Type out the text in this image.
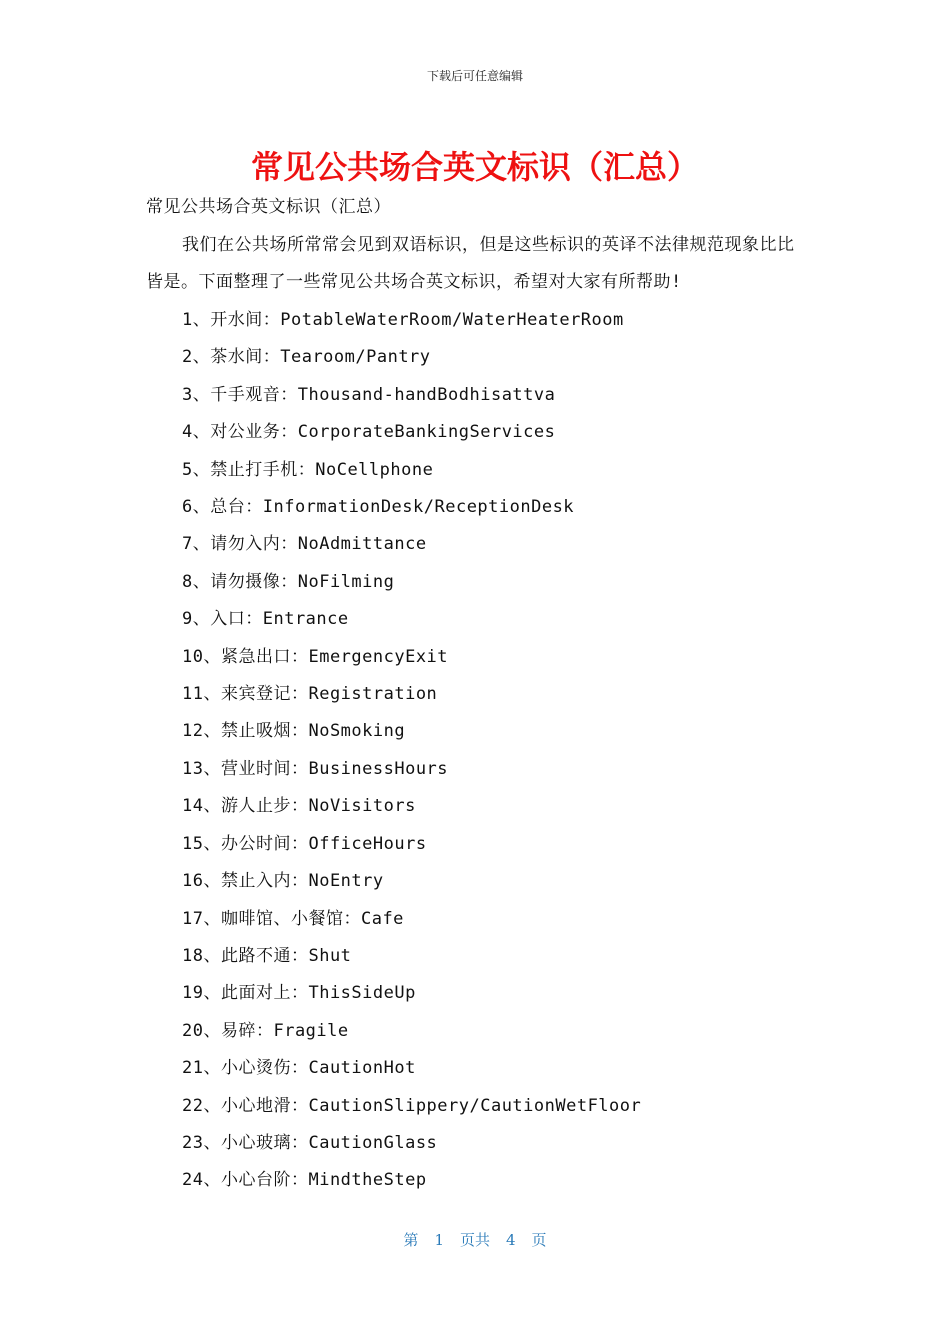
下载后可任意编辑
常见公共场合英文标识（汇总）
常见公共场合英文标识（汇总）
我们在公共场所常常会见到双语标识，但是这些标识的英译不法律规范现象比比皆是。下面整理了一些常见公共场合英文标识，希望对大家有所帮助!
1、开水间：PotableWaterRoom/WaterHeaterRoom
2、茶水间：Tearoom/Pantry
3、千手观音：Thousand-handBodhisattva
4、对公业务：CorporateBankingServices
5、禁止打手机：NoCellphone
6、总台：InformationDesk/ReceptionDesk
7、请勿入内：NoAdmittance
8、请勿摄像：NoFilming
9、入口：Entrance
10、紧急出口：EmergencyExit
11、来宾登记：Registration
12、禁止吸烟：NoSmoking
13、营业时间：BusinessHours
14、游人止步：NoVisitors
15、办公时间：OfficeHours
16、禁止入内：NoEntry
17、咖啡馆、小餐馆：Cafe
18、此路不通：Shut
19、此面对上：ThisSideUp
20、易碎：Fragile
21、小心烫伤：CautionHot
22、小心地滑：CautionSlippery/CautionWetFloor
23、小心玻璃：CautionGlass
24、小心台阶：MindtheStep
第 1 页共 4 页
